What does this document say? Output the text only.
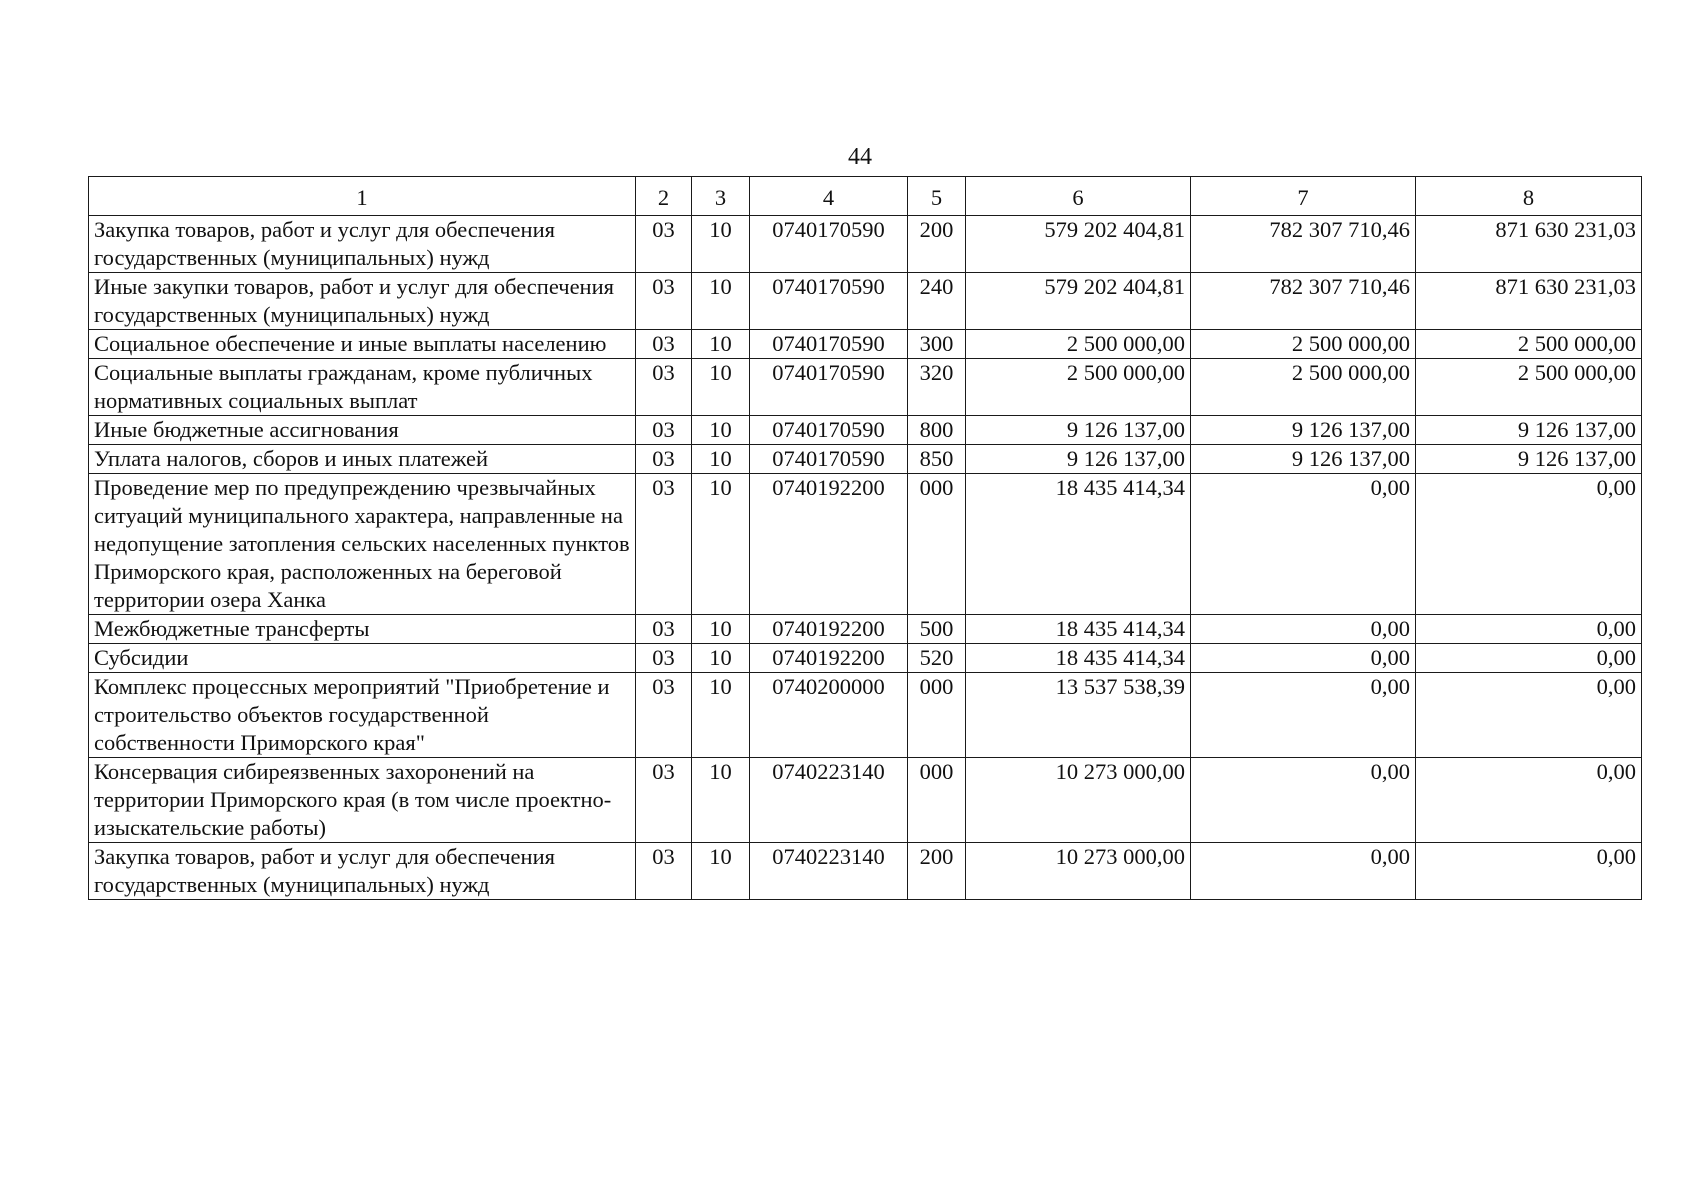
44
1	2	3	4	5	6	7	8
Закупка товаров, работ и услуг для обеспечения государственных (муниципальных) нужд	03	10	0740170590	200	579 202 404,81	782 307 710,46	871 630 231,03
Иные закупки товаров, работ и услуг для обеспечения государственных (муниципальных) нужд	03	10	0740170590	240	579 202 404,81	782 307 710,46	871 630 231,03
Социальное обеспечение и иные выплаты населению	03	10	0740170590	300	2 500 000,00	2 500 000,00	2 500 000,00
Социальные выплаты гражданам, кроме публичных нормативных социальных выплат	03	10	0740170590	320	2 500 000,00	2 500 000,00	2 500 000,00
Иные бюджетные ассигнования	03	10	0740170590	800	9 126 137,00	9 126 137,00	9 126 137,00
Уплата налогов, сборов и иных платежей	03	10	0740170590	850	9 126 137,00	9 126 137,00	9 126 137,00
Проведение мер по предупреждению чрезвычайных ситуаций муниципального характера, направленные на недопущение затопления сельских населенных пунктов Приморского края, расположенных на береговой территории озера Ханка	03	10	0740192200	000	18 435 414,34	0,00	0,00
Межбюджетные трансферты	03	10	0740192200	500	18 435 414,34	0,00	0,00
Субсидии	03	10	0740192200	520	18 435 414,34	0,00	0,00
Комплекс процессных мероприятий "Приобретение и строительство объектов государственной собственности Приморского края"	03	10	0740200000	000	13 537 538,39	0,00	0,00
Консервация сибиреязвенных захоронений на территории Приморского края (в том числе проектно-изыскательские работы)	03	10	0740223140	000	10 273 000,00	0,00	0,00
Закупка товаров, работ и услуг для обеспечения государственных (муниципальных) нужд	03	10	0740223140	200	10 273 000,00	0,00	0,00
